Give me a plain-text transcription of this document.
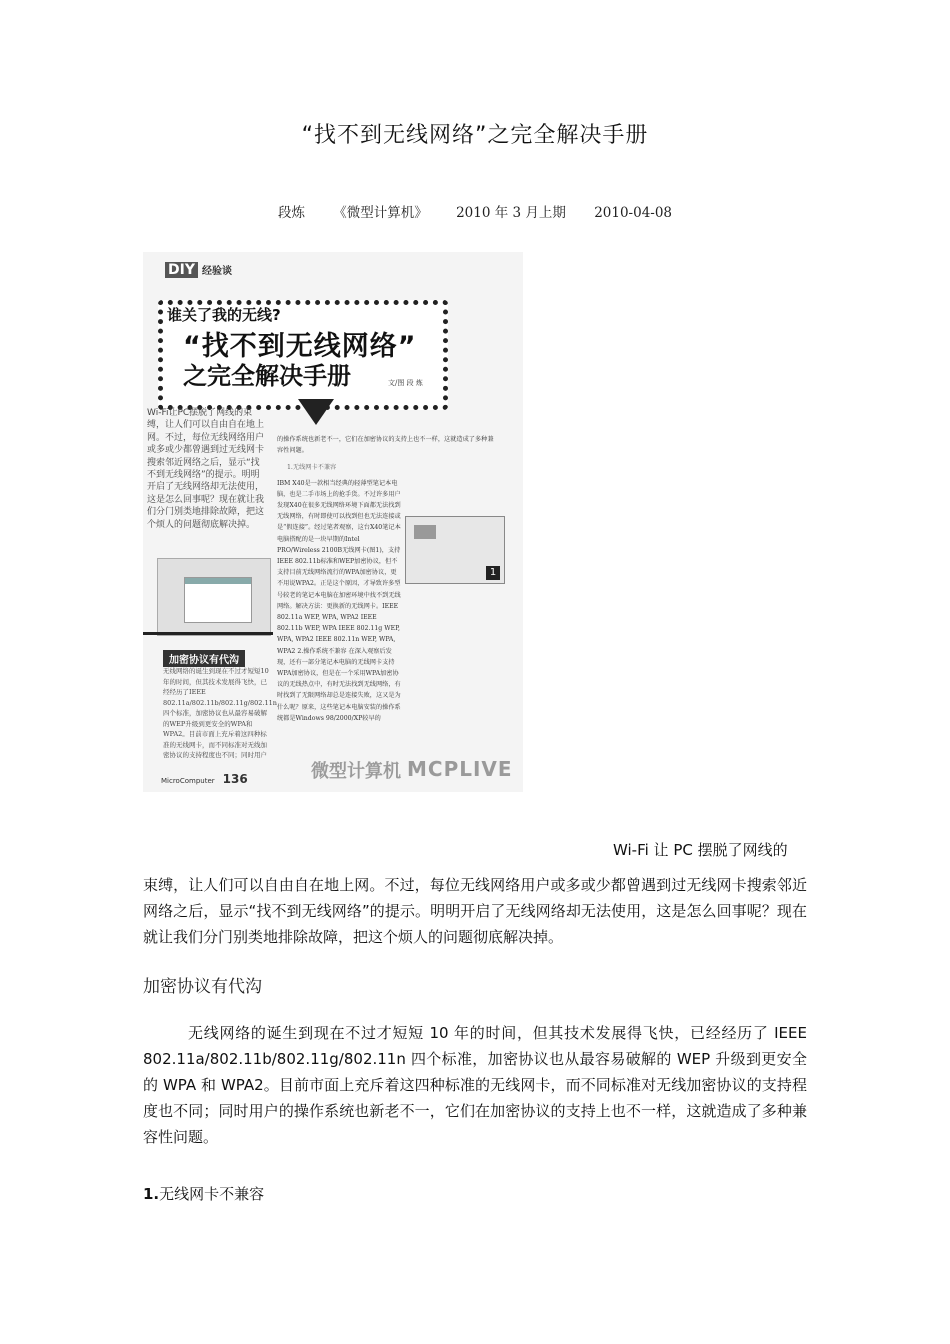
“找不到无线网络”之完全解决手册
段炼 《微型计算机》 2010 年 3 月上期 2010-04-08
DIY 经验谈
谁关了我的无线?
“找不到无线网络”
之完全解决手册	文/图 段 炼
Wi-Fi让PC摆脱了网线的束缚，让人们可以自由自在地上网。不过，每位无线网络用户或多或少都曾遇到过无线网卡搜索邻近网络之后，显示“找不到无线网络”的提示。明明开启了无线网络却无法使用，这是怎么回事呢？现在就让我们分门别类地排除故障，把这个烦人的问题彻底解决掉。
加密协议有代沟
无线网络的诞生到现在不过才短短10年的时间，但其技术发展得飞快，已经经历了IEEE 802.11a/802.11b/802.11g/802.11n四个标准，加密协议也从最容易破解的WEP升级到更安全的WPA和WPA2。目前市面上充斥着这四种标准的无线网卡，而不同标准对无线加密协议的支持程度也不同；同时用户
的操作系统也新老不一，它们在加密协议的支持上也不一样，这就造成了多种兼容性问题。
1.无线网卡不兼容
IBM X40是一款相当经典的轻薄型笔记本电脑，也是二手市场上的抢手货。不过许多用户发现X40在很多无线网络环境下面都无法找到无线网络，有时即使可以找到但也无法连接或是“假连接”。经过笔者观察，这台X40笔记本电脑搭配的是一块早期的Intel PRO/Wireless 2100B无线网卡(图1)，支持IEEE 802.11b标准和WEP加密协议，但不支持目前无线网络流行的WPA加密协议，更不用说WPA2。正是这个原因，才导致许多型号较老的笔记本电脑在加密环境中找不到无线网络。解决方法：更换新的无线网卡。IEEE 802.11a WEP, WPA, WPA2 IEEE 802.11b WEP, WPA IEEE 802.11g WEP, WPA, WPA2 IEEE 802.11n WEP, WPA, WPA2 2.操作系统不兼容 在深入观察后发现，还有一部分笔记本电脑的无线网卡支持WPA加密协议，但是在一个采用WPA加密协议的无线热点中，有时无法找到无线网络，有时找到了无限网络却总是连接失败，这又是为什么呢？原来，这些笔记本电脑安装的操作系统都是Windows 98/2000/XP较早的
1
MicroComputer 136	微型计算机 MCPLIVE
Wi-Fi 让 PC 摆脱了网线的
束缚，让人们可以自由自在地上网。不过，每位无线网络用户或多或少都曾遇到过无线网卡搜索邻近网络之后，显示“找不到无线网络”的提示。明明开启了无线网络却无法使用，这是怎么回事呢？现在就让我们分门别类地排除故障，把这个烦人的问题彻底解决掉。
加密协议有代沟
无线网络的诞生到现在不过才短短 10 年的时间，但其技术发展得飞快，已经经历了 IEEE 802.11a/802.11b/802.11g/802.11n 四个标准，加密协议也从最容易破解的 WEP 升级到更安全的 WPA 和 WPA2。目前市面上充斥着这四种标准的无线网卡，而不同标准对无线加密协议的支持程度也不同；同时用户的操作系统也新老不一，它们在加密协议的支持上也不一样，这就造成了多种兼容性问题。
1.无线网卡不兼容
